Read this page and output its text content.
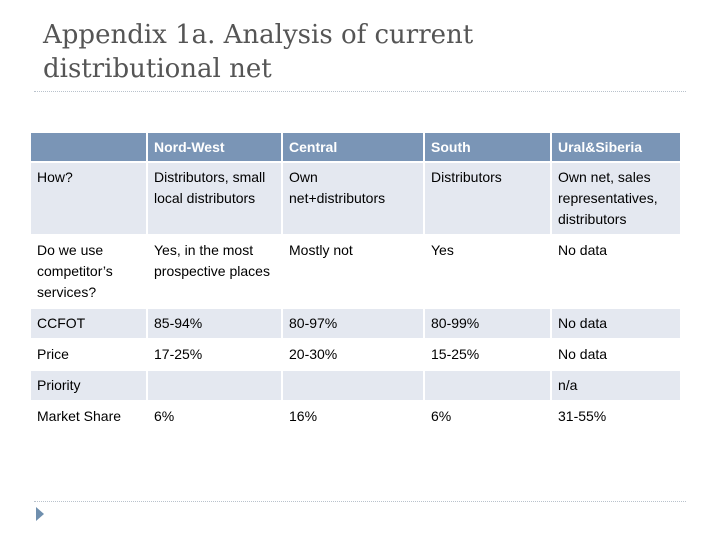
Appendix 1a. Analysis of current
distributional net
	Nord-West	Central	South	Ural&Siberia
How?	Distributors, small local distributors	Own net+distributors	Distributors	Own net, sales representatives, distributors
Do we use competitor’s services?	Yes, in the most prospective places	Mostly not	Yes	No data
CCFOT	85-94%	80-97%	80-99%	No data
Price	17-25%	20-30%	15-25%	No data
Priority				n/a
Market Share	6%	16%	6%	31-55%
